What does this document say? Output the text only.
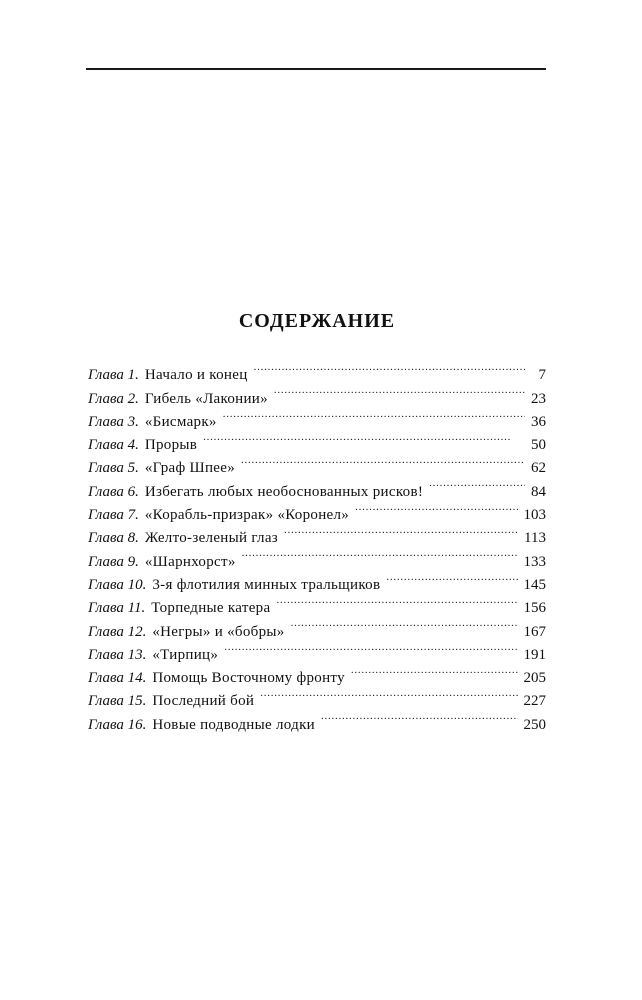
СОДЕРЖАНИЕ
Глава 1. Начало и конец . . .	7
Глава 2. Гибель «Лаконии» . . .	23
Глава 3. «Бисмарк» . . .	36
Глава 4. Прорыв . . .	50
Глава 5. «Граф Шпее» . . .	62
Глава 6. Избегать любых необоснованных рисков! . . .	84
Глава 7. «Корабль-призрак» «Коронел» . . .	103
Глава 8. Желто-зеленый глаз . . .	113
Глава 9. «Шарнхорст» . . .	133
Глава 10. 3-я флотилия минных тральщиков . . .	145
Глава 11. Торпедные катера . . .	156
Глава 12. «Негры» и «бобры» . . .	167
Глава 13. «Тирпиц» . . .	191
Глава 14. Помощь Восточному фронту . . .	205
Глава 15. Последний бой . . .	227
Глава 16. Новые подводные лодки . . .	250
